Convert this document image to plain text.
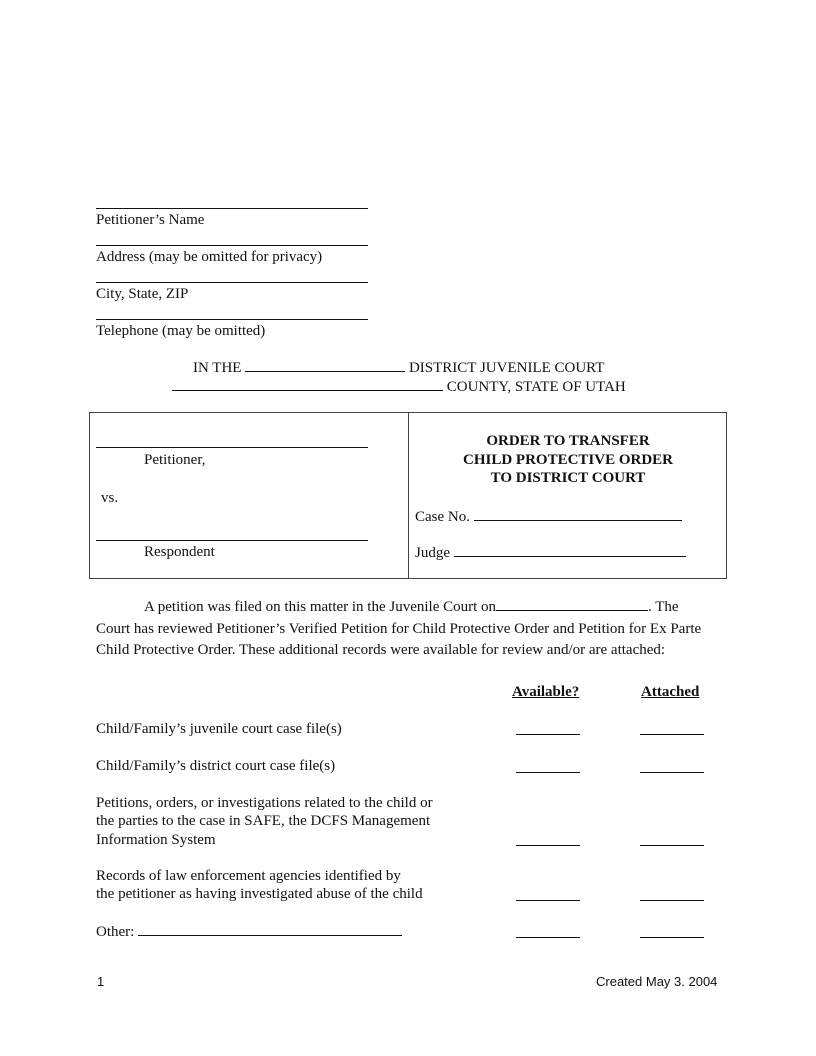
Petitioner’s Name
Address (may be omitted for privacy)
City, State, ZIP
Telephone (may be omitted)
IN THE	DISTRICT JUVENILE COURT
COUNTY, STATE OF UTAH
Petitioner,
vs.
Respondent
ORDER TO TRANSFER
CHILD PROTECTIVE ORDER
TO DISTRICT COURT
Case No.
Judge
A petition was filed on this matter in the Juvenile Court on	. The Court has reviewed Petitioner’s Verified Petition for Child Protective Order and Petition for Ex Parte Child Protective Order. These additional records were available for review and/or are attached:
Available?	Attached
Child/Family’s juvenile court case file(s)
Child/Family’s district court case file(s)
Petitions, orders, or investigations related to the child or
the parties to the case in SAFE, the DCFS Management
Information System
Records of law enforcement agencies identified by
the petitioner as having investigated abuse of the child
Other:
1	Created May 3. 2004
